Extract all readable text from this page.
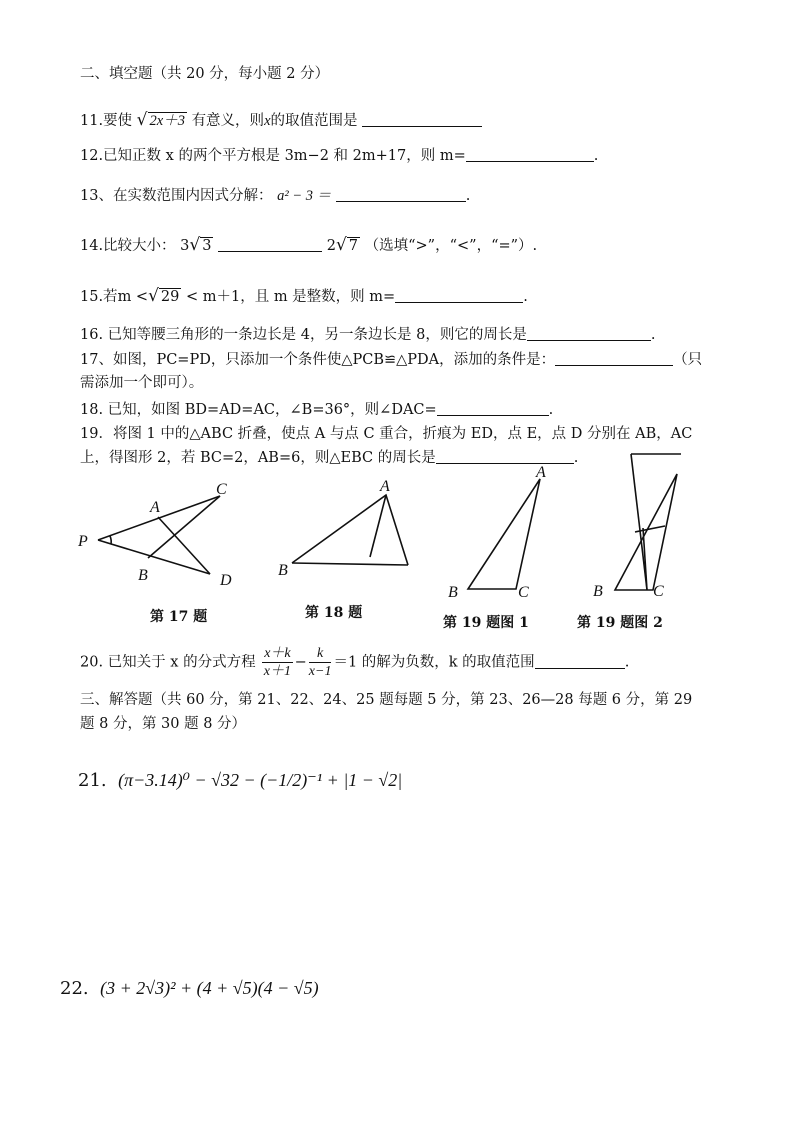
二、填空题（共 20 分，每小题 2 分）
11.要使 √ 2x＋3 有意义，则x的取值范围是
12.已知正数 x 的两个平方根是 3m−2 和 2m+17，则 m=	.
13、在实数范围内因式分解： a² − 3 ＝	.
14.比较大小： 3√ 3	2√ 7 （选填“>”，“<”，“=”）.
15.若m <√ 29 < m＋1，且 m 是整数，则 m=	.
16. 已知等腰三角形的一条边长是 4，另一条边长是 8，则它的周长是	.
17、如图，PC=PD，只添加一个条件使△PCB≌△PDA，添加的条件是：	（只
需添加一个即可）。
18. 已知，如图 BD=AD=AC，∠B=36°，则∠DAC=	.
19．将图 1 中的△ABC 折叠，使点 A 与点 C 重合，折痕为 ED，点 E，点 D 分别在 AB，AC
上，得图形 2，若 BC=2，AB=6，则△EBC 的周长是	.
P
A
C
B	D
第 17 题
A
B
第 18 题
A
B	C
第 19 题图 1
B	C
第 19 题图 2
20. 已知关于 x 的分式方程 $\frac{x+k}{x+1} - \frac{k}{x-1} =1$ 的解为负数，k 的取值范围	.
三、解答题（共 60 分，第 21、22、24、25 题每题 5 分，第 23、26—28 每题 6 分，第 29
题 8 分，第 30 题 8 分）
21. (π−3.14)⁰ − √32 − (−1/2)⁻¹ + |1 − √2|
22. (3 + 2√3)² + (4 + √5)(4 − √5)
